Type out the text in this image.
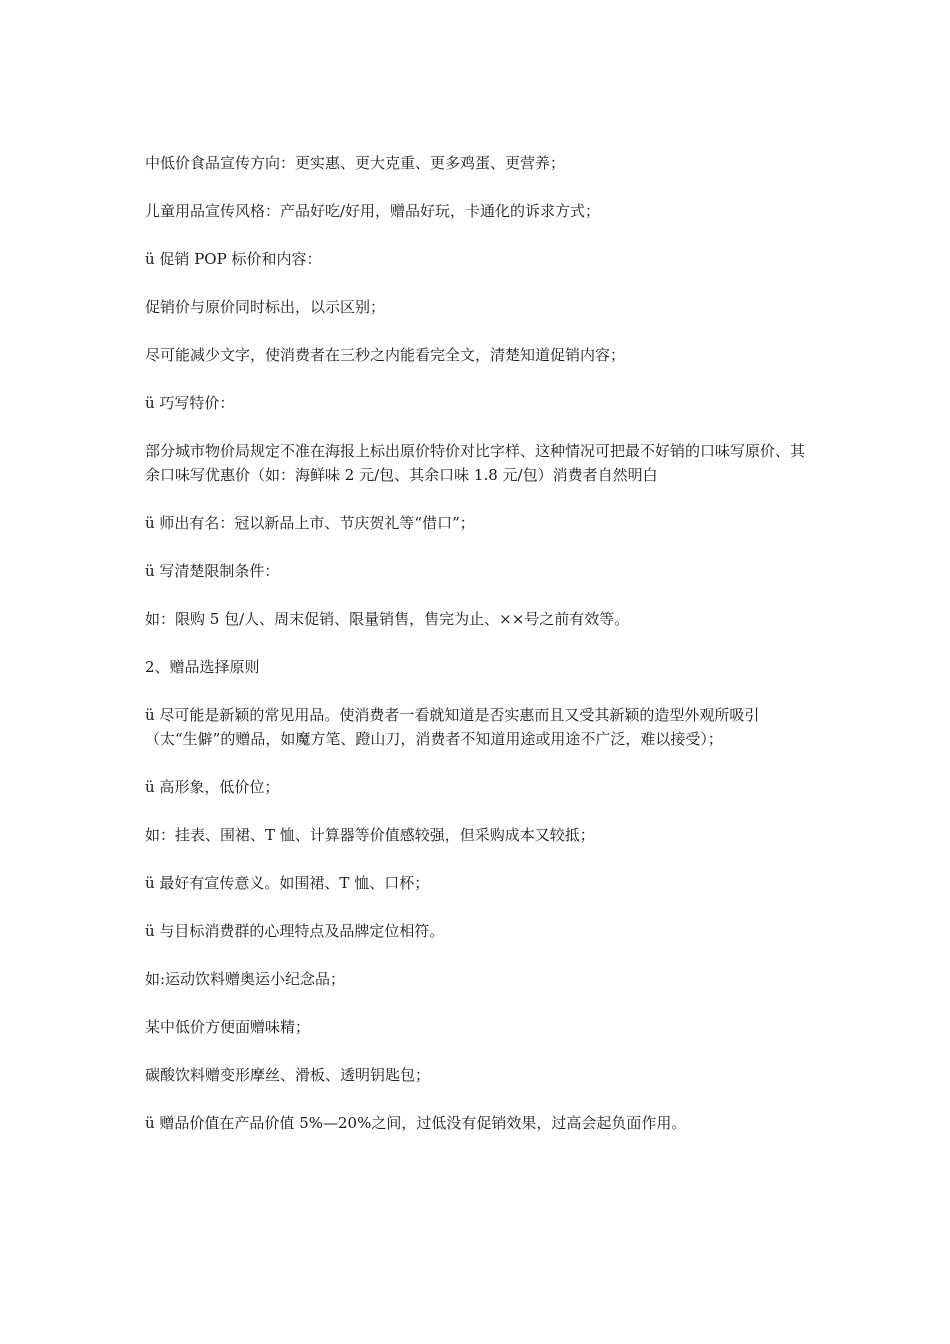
中低价食品宣传方向：更实惠、更大克重、更多鸡蛋、更营养；

儿童用品宣传风格：产品好吃/好用，赠品好玩，卡通化的诉求方式；

ü 促销 POP 标价和内容：

促销价与原价同时标出，以示区别；

尽可能减少文字，使消费者在三秒之内能看完全文，清楚知道促销内容；

ü 巧写特价：

部分城市物价局规定不准在海报上标出原价特价对比字样、这种情况可把最不好销的口味写原价、其余口味写优惠价（如：海鲜味 2 元/包、其余口味 1.8 元/包）消费者自然明白

ü 师出有名：冠以新品上市、节庆贺礼等“借口”；

ü 写清楚限制条件：

如：限购 5 包/人、周末促销、限量销售，售完为止、××号之前有效等。

2、赠品选择原则

ü 尽可能是新颖的常见用品。使消费者一看就知道是否实惠而且又受其新颖的造型外观所吸引（太“生僻”的赠品，如魔方笔、蹬山刀，消费者不知道用途或用途不广泛，难以接受）；

ü 高形象，低价位；

如：挂表、围裙、T 恤、计算器等价值感较强，但采购成本又较抵；

ü 最好有宣传意义。如围裙、T 恤、口杯；

ü 与目标消费群的心理特点及品牌定位相符。

如:运动饮料赠奥运小纪念品；

某中低价方便面赠味精；

碳酸饮料赠变形摩丝、滑板、透明钥匙包；

ü 赠品价值在产品价值 5%—20%之间，过低没有促销效果，过高会起负面作用。
